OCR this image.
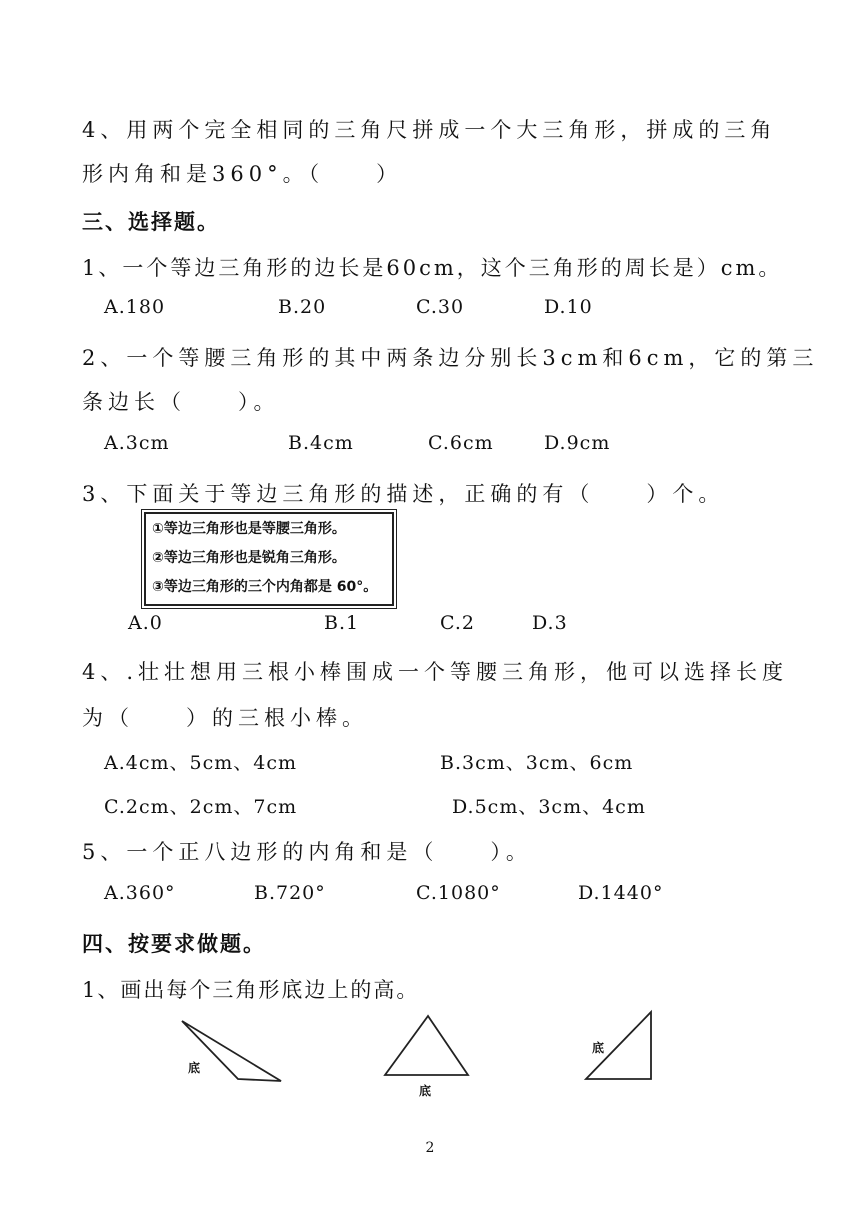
4、用两个完全相同的三角尺拼成一个大三角形，拼成的三角
形内角和是360°。（　　）
三、选择题。
1、一个等边三角形的边长是60cm，这个三角形的周长是）cm。
A.180	B.20	C.30	D.10
2、一个等腰三角形的其中两条边分别长3cm和6cm，它的第三
条边长（　　）。
A.3cm	B.4cm	C.6cm	D.9cm
3、下面关于等边三角形的描述，正确的有（　　）个。
①等边三角形也是等腰三角形。
②等边三角形也是锐角三角形。
③等边三角形的三个内角都是 60°。
A.0	B.1	C.2	D.3
4、.壮壮想用三根小棒围成一个等腰三角形，他可以选择长度
为（　　）的三根小棒。
A.4cm、5cm、4cm	B.3cm、3cm、6cm
C.2cm、2cm、7cm	D.5cm、3cm、4cm
5、一个正八边形的内角和是（　　）。
A.360°	B.720°	C.1080°	D.1440°
四、按要求做题。
1、画出每个三角形底边上的高。
底
底
底
2
